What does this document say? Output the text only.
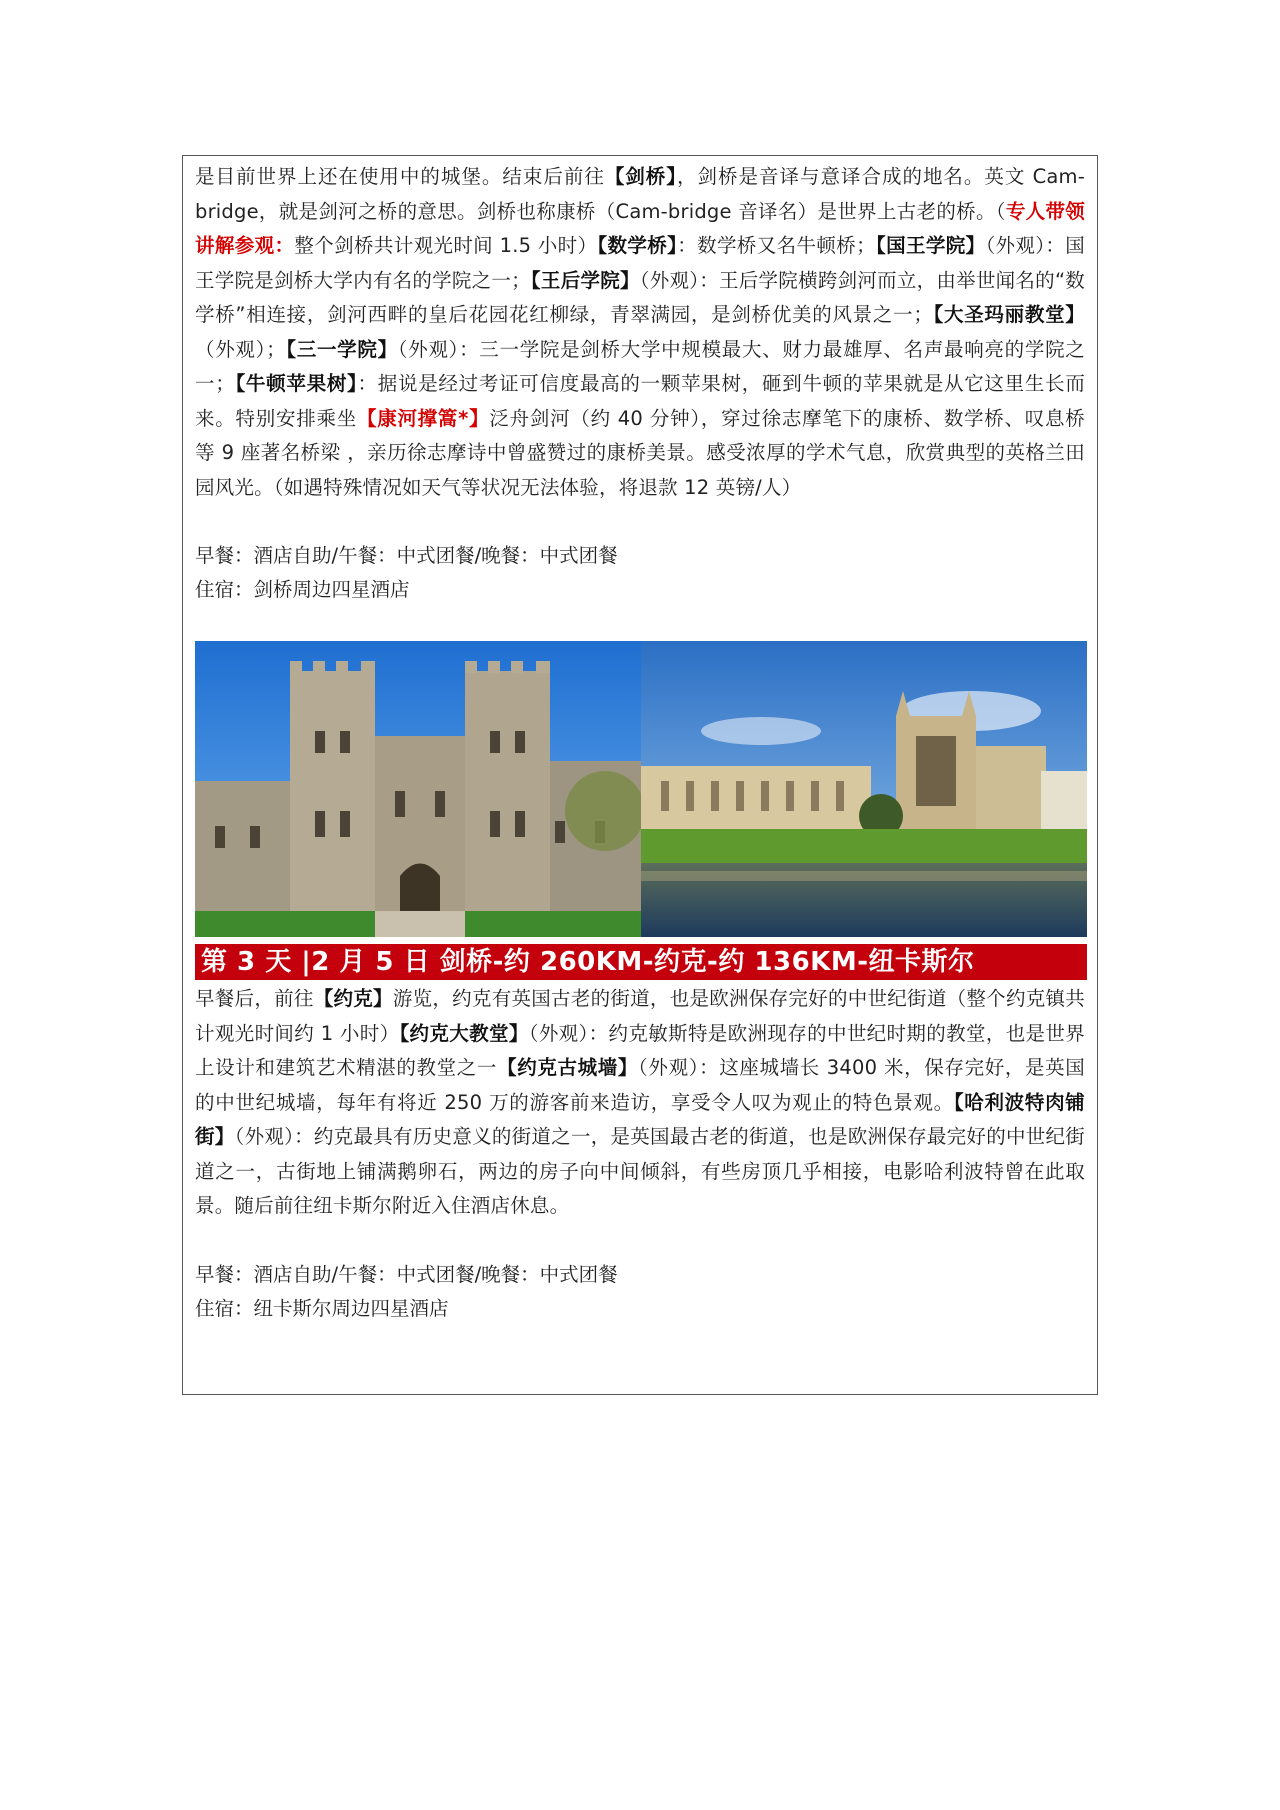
是目前世界上还在使用中的城堡。结束后前往【剑桥】，剑桥是音译与意译合成的地名。英文 Cam-bridge，就是剑河之桥的意思。剑桥也称康桥（Cam-bridge 音译名）是世界上古老的桥。（专人带领讲解参观：整个剑桥共计观光时间 1.5 小时）【数学桥】：数学桥又名牛顿桥；【国王学院】（外观）：国王学院是剑桥大学内有名的学院之一；【王后学院】（外观）：王后学院横跨剑河而立，由举世闻名的“数学桥”相连接，剑河西畔的皇后花园花红柳绿，青翠满园，是剑桥优美的风景之一；【大圣玛丽教堂】（外观）；【三一学院】（外观）：三一学院是剑桥大学中规模最大、财力最雄厚、名声最响亮的学院之一；【牛顿苹果树】：据说是经过考证可信度最高的一颗苹果树，砸到牛顿的苹果就是从它这里生长而来。特别安排乘坐【康河撑篙*】泛舟剑河（约 40 分钟），穿过徐志摩笔下的康桥、数学桥、叹息桥 等 9 座著名桥梁 ，亲历徐志摩诗中曾盛赞过的康桥美景。感受浓厚的学术气息，欣赏典型的英格兰田园风光。（如遇特殊情况如天气等状况无法体验，将退款 12 英镑/人）

早餐：酒店自助/午餐：中式团餐/晚餐：中式团餐

住宿：剑桥周边四星酒店

第 3 天 |2 月 5 日 剑桥-约 260KM-约克-约 136KM-纽卡斯尔

早餐后，前往【约克】游览，约克有英国古老的街道，也是欧洲保存完好的中世纪街道（整个约克镇共计观光时间约 1 小时）【约克大教堂】（外观）：约克敏斯特是欧洲现存的中世纪时期的教堂，也是世界上设计和建筑艺术精湛的教堂之一【约克古城墙】（外观）：这座城墙长 3400 米，保存完好，是英国的中世纪城墙，每年有将近 250 万的游客前来造访，享受令人叹为观止的特色景观。【哈利波特肉铺街】（外观）：约克最具有历史意义的街道之一，是英国最古老的街道，也是欧洲保存最完好的中世纪街道之一，古街地上铺满鹅卵石，两边的房子向中间倾斜，有些房顶几乎相接，电影哈利波特曾在此取景。随后前往纽卡斯尔附近入住酒店休息。

早餐：酒店自助/午餐：中式团餐/晚餐：中式团餐

住宿：纽卡斯尔周边四星酒店
